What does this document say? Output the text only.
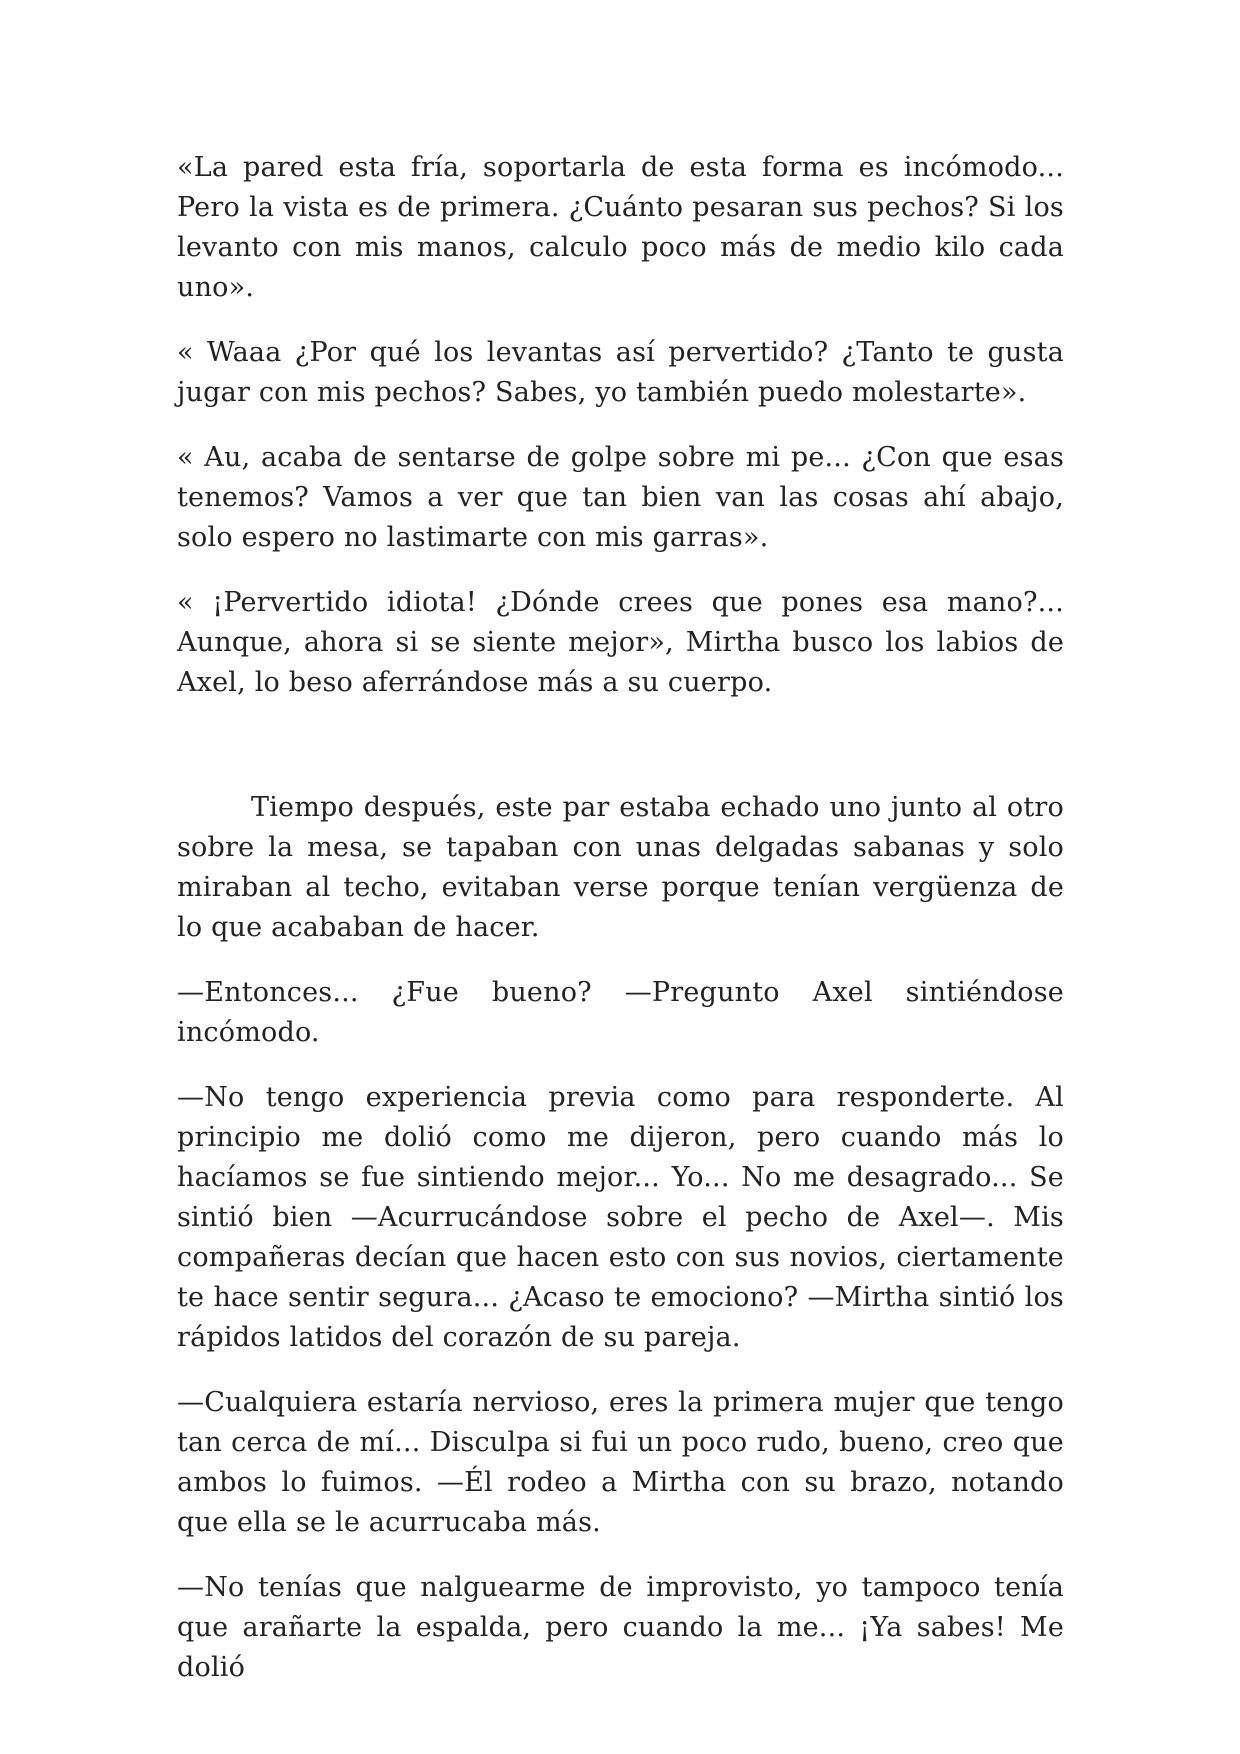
«La pared esta fría, soportarla de esta forma es incómodo... Pero la vista es de primera. ¿Cuánto pesaran sus pechos? Si los levanto con mis manos, calculo poco más de medio kilo cada uno».

« Waaa ¿Por qué los levantas así pervertido? ¿Tanto te gusta jugar con mis pechos? Sabes, yo también puedo molestarte».

« Au, acaba de sentarse de golpe sobre mi pe... ¿Con que esas tenemos? Vamos a ver que tan bien van las cosas ahí abajo, solo espero no lastimarte con mis garras».

« ¡Pervertido idiota! ¿Dónde crees que pones esa mano?... Aunque, ahora si se siente mejor», Mirtha busco los labios de Axel, lo beso aferrándose más a su cuerpo.

Tiempo después, este par estaba echado uno junto al otro sobre la mesa, se tapaban con unas delgadas sabanas y solo miraban al techo, evitaban verse porque tenían vergüenza de lo que acababan de hacer.

—Entonces... ¿Fue bueno? —Pregunto Axel sintiéndose incómodo.

—No tengo experiencia previa como para responderte. Al principio me dolió como me dijeron, pero cuando más lo hacíamos se fue sintiendo mejor... Yo... No me desagrado... Se sintió bien —Acurrucándose sobre el pecho de Axel—. Mis compañeras decían que hacen esto con sus novios, ciertamente te hace sentir segura... ¿Acaso te emociono? —Mirtha sintió los rápidos latidos del corazón de su pareja.

—Cualquiera estaría nervioso, eres la primera mujer que tengo tan cerca de mí... Disculpa si fui un poco rudo, bueno, creo que ambos lo fuimos. —Él rodeo a Mirtha con su brazo, notando que ella se le acurrucaba más.

—No tenías que nalguearme de improvisto, yo tampoco tenía que arañarte la espalda, pero cuando la me... ¡Ya sabes! Me dolió
